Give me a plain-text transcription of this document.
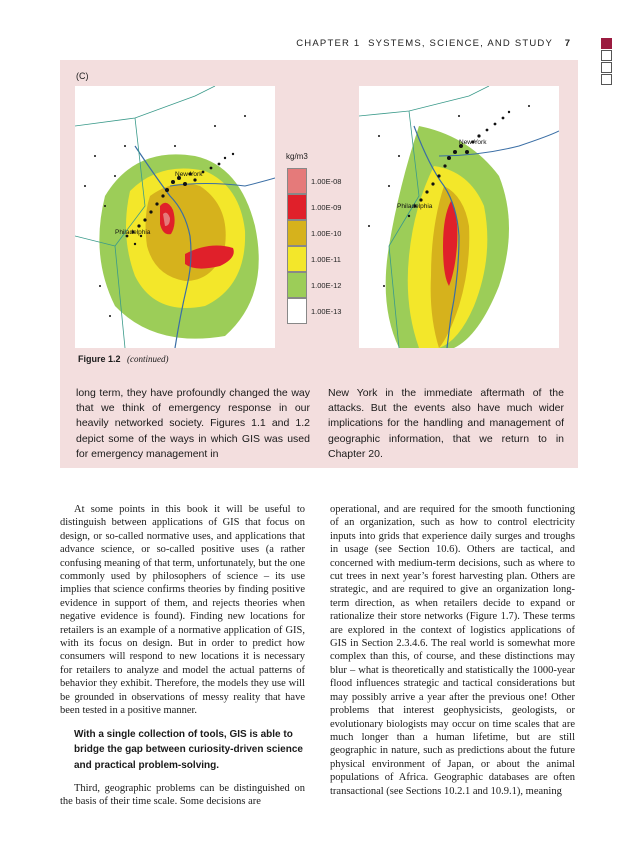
CHAPTER 1 SYSTEMS, SCIENCE, AND STUDY 7
(C)
New York
Philadelphia
kg/m3
1.00E-08
1.00E-09
1.00E-10
1.00E-11
1.00E-12
1.00E-13
New York
Philadelphia
Figure 1.2 (continued)
long term, they have profoundly changed the way that we think of emergency response in our heavily networked society. Figures 1.1 and 1.2 depict some of the ways in which GIS was used for emergency management in
New York in the immediate aftermath of the attacks. But the events also have much wider implications for the handling and management of geographic information, that we return to in Chapter 20.

At some points in this book it will be useful to distinguish between applications of GIS that focus on design, or so-called normative uses, and applications that advance science, or so-called positive uses (a rather confusing meaning of that term, unfortunately, but the one commonly used by philosophers of science – its use implies that science confirms theories by finding positive evidence in support of them, and rejects theories when negative evidence is found). Finding new locations for retailers is an example of a normative application of GIS, with its focus on design. But in order to predict how consumers will respond to new locations it is necessary for retailers to analyze and model the actual patterns of behavior they exhibit. Therefore, the models they use will be grounded in observations of messy reality that have been tested in a positive manner.

With a single collection of tools, GIS is able to bridge the gap between curiosity-driven science and practical problem-solving.

Third, geographic problems can be distinguished on the basis of their time scale. Some decisions are

operational, and are required for the smooth functioning of an organization, such as how to control electricity inputs into grids that experience daily surges and troughs in usage (see Section 10.6). Others are tactical, and concerned with medium-term decisions, such as where to cut trees in next year’s forest harvesting plan. Others are strategic, and are required to give an organization long-term direction, as when retailers decide to expand or rationalize their store networks (Figure 1.7). These terms are explored in the context of logistics applications of GIS in Section 2.3.4.6. The real world is somewhat more complex than this, of course, and these distinctions may blur – what is theoretically and statistically the 1000-year flood influences strategic and tactical considerations but may possibly arrive a year after the previous one! Other problems that interest geophysicists, geologists, or evolutionary biologists may occur on time scales that are much longer than a human lifetime, but are still geographic in nature, such as predictions about the future physical environment of Japan, or about the animal populations of Africa. Geographic databases are often transactional (see Sections 10.2.1 and 10.9.1), meaning
